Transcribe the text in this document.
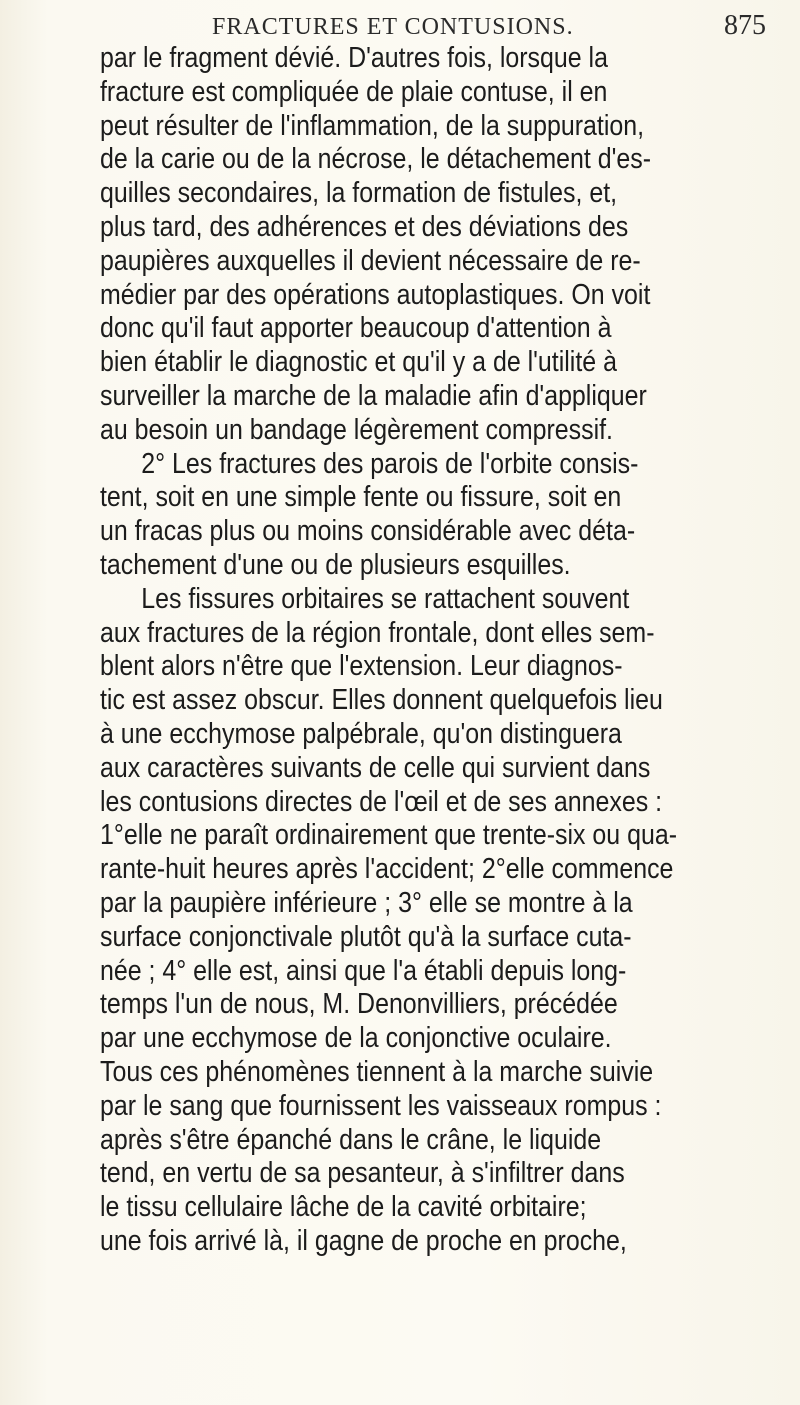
FRACTURES ET CONTUSIONS.	875
par le fragment dévié. D'autres fois, lorsque la
fracture est compliquée de plaie contuse, il en
peut résulter de l'inflammation, de la suppuration,
de la carie ou de la nécrose, le détachement d'es-
quilles secondaires, la formation de fistules, et,
plus tard, des adhérences et des déviations des
paupières auxquelles il devient nécessaire de re-
médier par des opérations autoplastiques. On voit
donc qu'il faut apporter beaucoup d'attention à
bien établir le diagnostic et qu'il y a de l'utilité à
surveiller la marche de la maladie afin d'appliquer
au besoin un bandage légèrement compressif.
2° Les fractures des parois de l'orbite consis-
tent, soit en une simple fente ou fissure, soit en
un fracas plus ou moins considérable avec déta-
tachement d'une ou de plusieurs esquilles.
Les fissures orbitaires se rattachent souvent
aux fractures de la région frontale, dont elles sem-
blent alors n'être que l'extension. Leur diagnos-
tic est assez obscur. Elles donnent quelquefois lieu
à une ecchymose palpébrale, qu'on distinguera
aux caractères suivants de celle qui survient dans
les contusions directes de l'œil et de ses annexes :
1°elle ne paraît ordinairement que trente-six ou qua-
rante-huit heures après l'accident; 2°elle commence
par la paupière inférieure ; 3° elle se montre à la
surface conjonctivale plutôt qu'à la surface cuta-
née ; 4° elle est, ainsi que l'a établi depuis long-
temps l'un de nous, M. Denonvilliers, précédée
par une ecchymose de la conjonctive oculaire.
Tous ces phénomènes tiennent à la marche suivie
par le sang que fournissent les vaisseaux rompus :
après s'être épanché dans le crâne, le liquide
tend, en vertu de sa pesanteur, à s'infiltrer dans
le tissu cellulaire lâche de la cavité orbitaire;
une fois arrivé là, il gagne de proche en proche,
